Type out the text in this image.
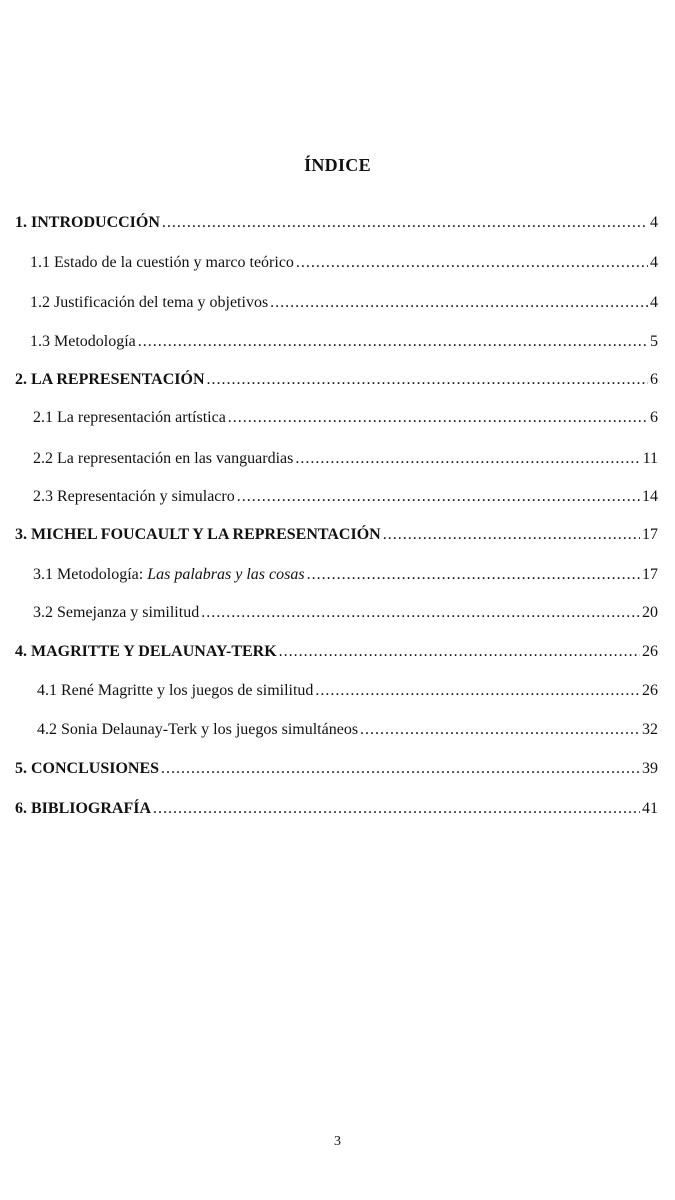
ÍNDICE
1. INTRODUCCIÓN .....	4
1.1 Estado de la cuestión y marco teórico .....	4
1.2 Justificación del tema y objetivos .....	4
1.3 Metodología .....	5
2. LA REPRESENTACIÓN .....	6
2.1 La representación artística .....	6
2.2 La representación en las vanguardias .....	11
2.3 Representación y simulacro .....	14
3. MICHEL FOUCAULT Y LA REPRESENTACIÓN .....	17
3.1 Metodología: Las palabras y las cosas .....	17
3.2 Semejanza y similitud .....	20
4. MAGRITTE Y DELAUNAY-TERK .....	26
4.1 René Magritte y los juegos de similitud .....	26
4.2 Sonia Delaunay-Terk y los juegos simultáneos .....	32
5. CONCLUSIONES .....	39
6. BIBLIOGRAFÍA .....	41
3
